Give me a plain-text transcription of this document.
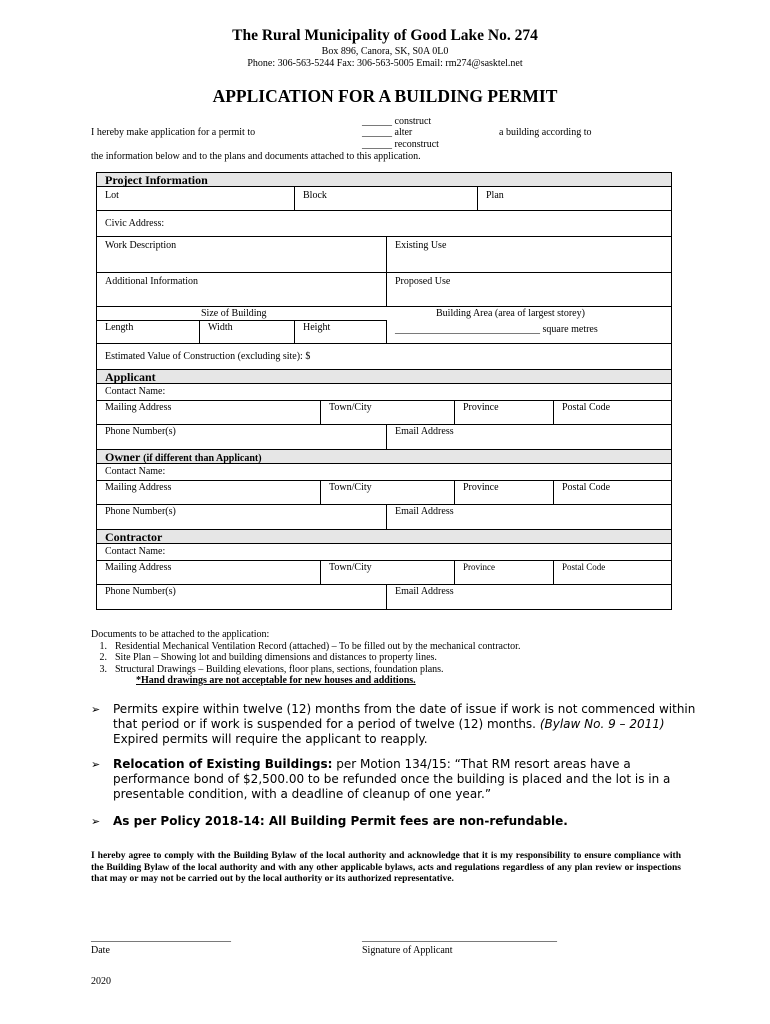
The Rural Municipality of Good Lake No. 274
Box 896, Canora, SK, S0A 0L0
Phone: 306-563-5244 Fax: 306-563-5005 Email: rm274@sasktel.net
APPLICATION FOR A BUILDING PERMIT
I hereby make application for a permit to
______ construct
______ alter
______ reconstruct
a building according to
the information below and to the plans and documents attached to this application.
Project Information
Lot	Block	Plan
Civic Address:
Work Description	Existing Use
Additional Information	Proposed Use
Size of Building	Building Area (area of largest storey)
Length	Width	Height	_____________________________ square metres
Estimated Value of Construction (excluding site): $
Applicant
Contact Name:
Mailing Address	Town/City	Province	Postal Code
Phone Number(s)	Email Address
Owner (if different than Applicant)
Contact Name:
Mailing Address	Town/City	Province	Postal Code
Phone Number(s)	Email Address
Contractor
Contact Name:
Mailing Address	Town/City	Province	Postal Code
Phone Number(s)	Email Address
Documents to be attached to the application:
1. Residential Mechanical Ventilation Record (attached) – To be filled out by the mechanical contractor.
2. Site Plan – Showing lot and building dimensions and distances to property lines.
3. Structural Drawings – Building elevations, floor plans, sections, foundation plans.
*Hand drawings are not acceptable for new houses and additions.
➢	Permits expire within twelve (12) months from the date of issue if work is not commenced within that period or if work is suspended for a period of twelve (12) months. (Bylaw No. 9 – 2011) Expired permits will require the applicant to reapply.
➢	Relocation of Existing Buildings: per Motion 134/15: “That RM resort areas have a performance bond of $2,500.00 to be refunded once the building is placed and the lot is in a presentable condition, with a deadline of cleanup of one year.”
➢	As per Policy 2018-14: All Building Permit fees are non-refundable.
I hereby agree to comply with the Building Bylaw of the local authority and acknowledge that it is my responsibility to ensure compliance with the Building Bylaw of the local authority and with any other applicable bylaws, acts and regulations regardless of any plan review or inspections that may or may not be carried out by the local authority or its authorized representative.
____________________________
Date
_______________________________________
Signature of Applicant
2020
